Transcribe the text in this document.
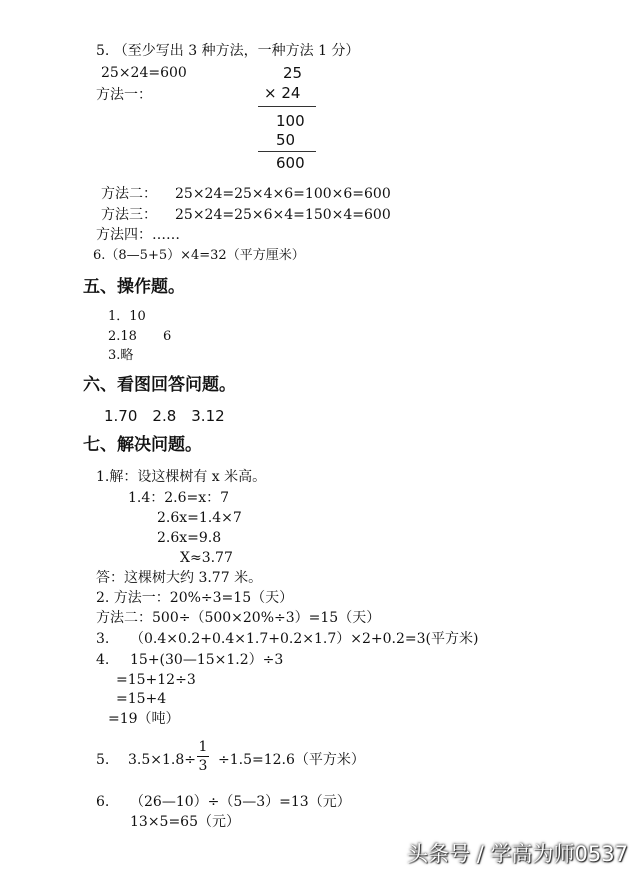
5. （至少写出 3 种方法，一种方法 1 分）
25×24=600
方法一：
25
× 24
100
50
600
方法二： 25×24=25×4×6=100×6=600
方法三： 25×24=25×6×4=150×4=600
方法四：……
6.（8—5+5）×4=32（平方厘米）
五、操作题。
1．10
2.18　　6
3.略
六、看图回答问题。
1.70　2.8　3.12
七、解决问题。
1.解：设这棵树有 x 米高。
1.4：2.6=x：7
2.6x=1.4×7
2.6x=9.8
X≈3.77
答：这棵树大约 3.77 米。
2. 方法一：20%÷3=15（天）
方法二：500÷（500×20%÷3）=15（天）
3. （0.4×0.2+0.4×1.7+0.2×1.7）×2+0.2=3(平方米)
4. 15+(30—15×1.2）÷3
=15+12÷3
=15+4
=19（吨）
5. 3.5×1.8÷
1
3 ÷1.5=12.6（平方米）
6. （26—10）÷（5—3）=13（元）
13×5=65（元）
头条号 / 学高为师0537
